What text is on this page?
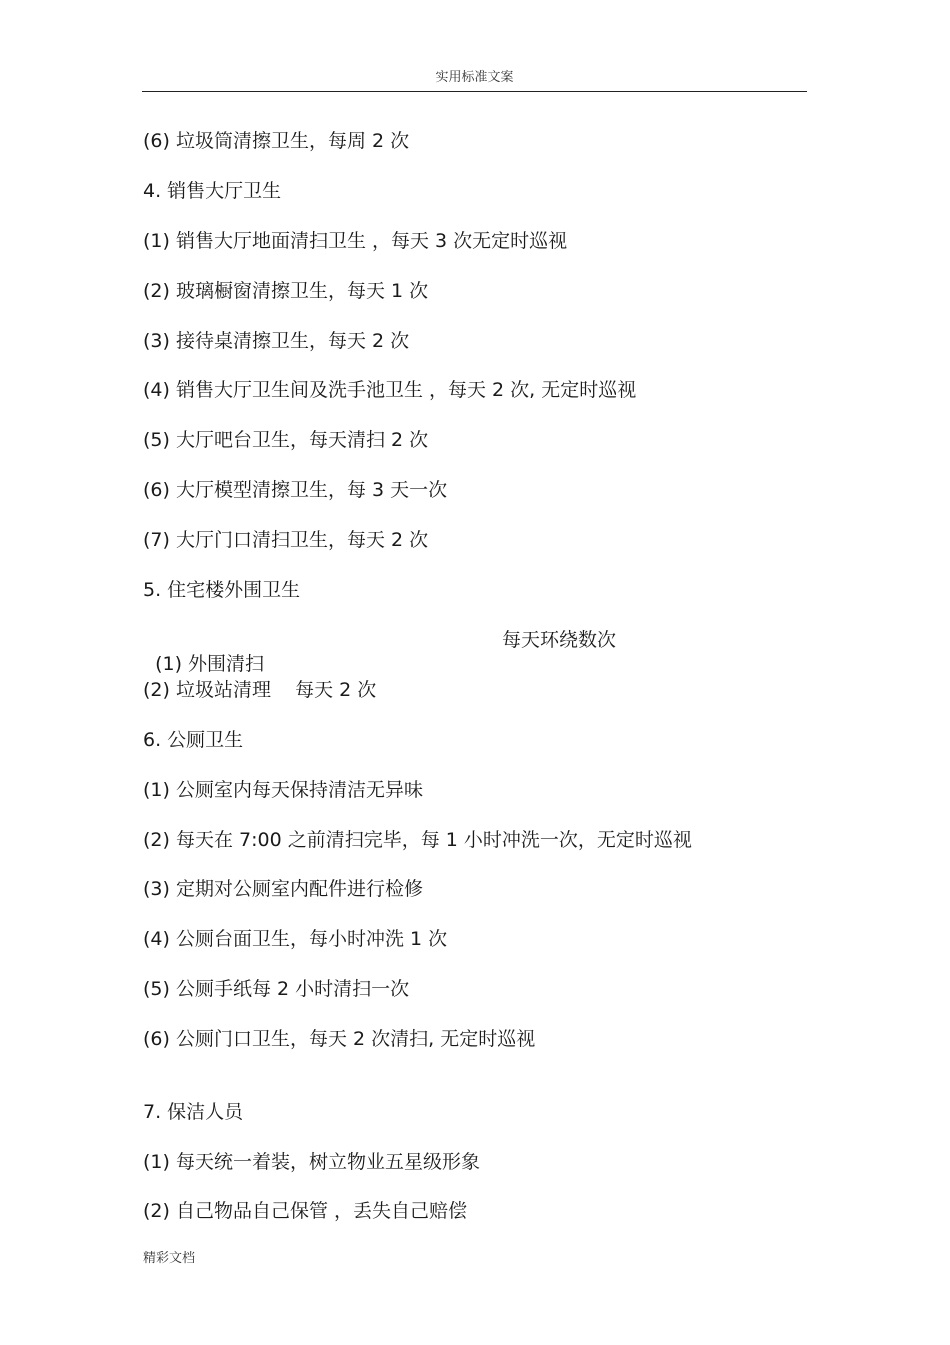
实用标准文案
(6) 垃圾筒清擦卫生，每周 2 次
4. 销售大厅卫生
(1) 销售大厅地面清扫卫生 ，每天 3 次无定时巡视
(2) 玻璃橱窗清擦卫生，每天 1 次
(3) 接待桌清擦卫生，每天 2 次
(4) 销售大厅卫生间及洗手池卫生 ，每天 2 次, 无定时巡视
(5) 大厅吧台卫生，每天清扫 2 次
(6) 大厅模型清擦卫生，每 3 天一次
(7) 大厅门口清扫卫生，每天 2 次
5. 住宅楼外围卫生

(1) 外围清扫

每天环绕数次

(2) 垃圾站清理    每天 2 次
6. 公厕卫生
(1) 公厕室内每天保持清洁无异味
(2) 每天在 7:00 之前清扫完毕，每 1 小时冲洗一次，无定时巡视
(3) 定期对公厕室内配件进行检修
(4) 公厕台面卫生，每小时冲洗 1 次
(5) 公厕手纸每 2 小时清扫一次
(6) 公厕门口卫生，每天 2 次清扫, 无定时巡视
7. 保洁人员
(1) 每天统一着装，树立物业五星级形象
(2) 自己物品自己保管 ，丢失自己赔偿
精彩文档
